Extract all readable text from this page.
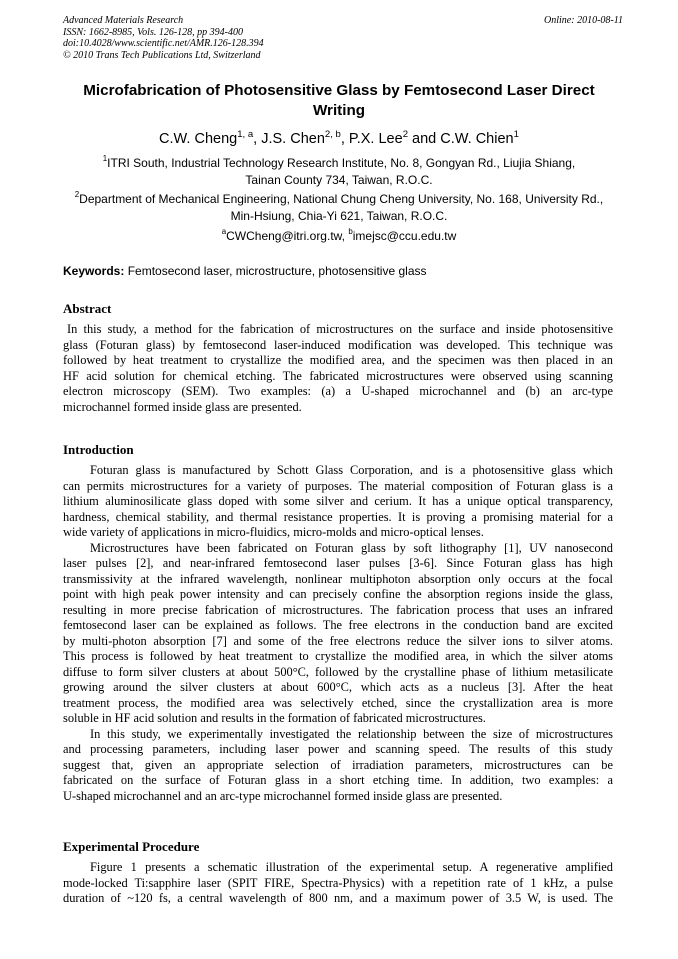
Advanced Materials Research
ISSN: 1662-8985, Vols. 126-128, pp 394-400
doi:10.4028/www.scientific.net/AMR.126-128.394
© 2010 Trans Tech Publications Ltd, Switzerland
Online: 2010-08-11
Microfabrication of Photosensitive Glass by Femtosecond Laser Direct
Writing
C.W. Cheng$^{1, a}$, J.S. Chen$^{2, b}$, P.X. Lee$^2$ and C.W. Chien$^1$
$^1$ITRI South, Industrial Technology Research Institute, No. 8, Gongyan Rd., Liujia Shiang,
Tainan County 734, Taiwan, R.O.C.
$^2$Department of Mechanical Engineering, National Chung Cheng University, No. 168, University Rd.,
Min-Hsiung, Chia-Yi 621, Taiwan, R.O.C.
$^a$CWCheng@itri.org.tw, $^b$imejsc@ccu.edu.tw
Keywords: Femtosecond laser, microstructure, photosensitive glass
Abstract
In this study, a method for the fabrication of microstructures on the surface and inside photosensitive
glass (Foturan glass) by femtosecond laser-induced modification was developed. This technique was
followed by heat treatment to crystallize the modified area, and the specimen was then placed in an
HF acid solution for chemical etching. The fabricated microstructures were observed using scanning
electron microscopy (SEM). Two examples: (a) a U-shaped microchannel and (b) an arc-type
microchannel formed inside glass are presented.
Introduction
Foturan glass is manufactured by Schott Glass Corporation, and is a photosensitive glass which
can permits microstructures for a variety of purposes. The material composition of Foturan glass is a
lithium aluminosilicate glass doped with some silver and cerium. It has a unique optical transparency,
hardness, chemical stability, and thermal resistance properties. It is proving a promising material for a
wide variety of applications in micro-fluidics, micro-molds and micro-optical lenses.
Microstructures have been fabricated on Foturan glass by soft lithography [1], UV nanosecond
laser pulses [2], and near-infrared femtosecond laser pulses [3-6]. Since Foturan glass has high
transmissivity at the infrared wavelength, nonlinear multiphoton absorption only occurs at the focal
point with high peak power intensity and can precisely confine the absorption regions inside the glass,
resulting in more precise fabrication of microstructures. The fabrication process that uses an infrared
femtosecond laser can be explained as follows. The free electrons in the conduction band are excited
by multi-photon absorption [7] and some of the free electrons reduce the silver ions to silver atoms.
This process is followed by heat treatment to crystallize the modified area, in which the silver atoms
diffuse to form silver clusters at about 500°C, followed by the crystalline phase of lithium metasilicate
growing around the silver clusters at about 600°C, which acts as a nucleus [3]. After the heat
treatment process, the modified area was selectively etched, since the crystallization area is more
soluble in HF acid solution and results in the formation of fabricated microstructures.
In this study, we experimentally investigated the relationship between the size of microstructures
and processing parameters, including laser power and scanning speed. The results of this study
suggest that, given an appropriate selection of irradiation parameters, microstructures can be
fabricated on the surface of Foturan glass in a short etching time. In addition, two examples: a
U-shaped microchannel and an arc-type microchannel formed inside glass are presented.
Experimental Procedure
Figure 1 presents a schematic illustration of the experimental setup. A regenerative amplified
mode-locked Ti:sapphire laser (SPIT FIRE, Spectra-Physics) with a repetition rate of 1 kHz, a pulse
duration of ~120 fs, a central wavelength of 800 nm, and a maximum power of 3.5 W, is used. The
